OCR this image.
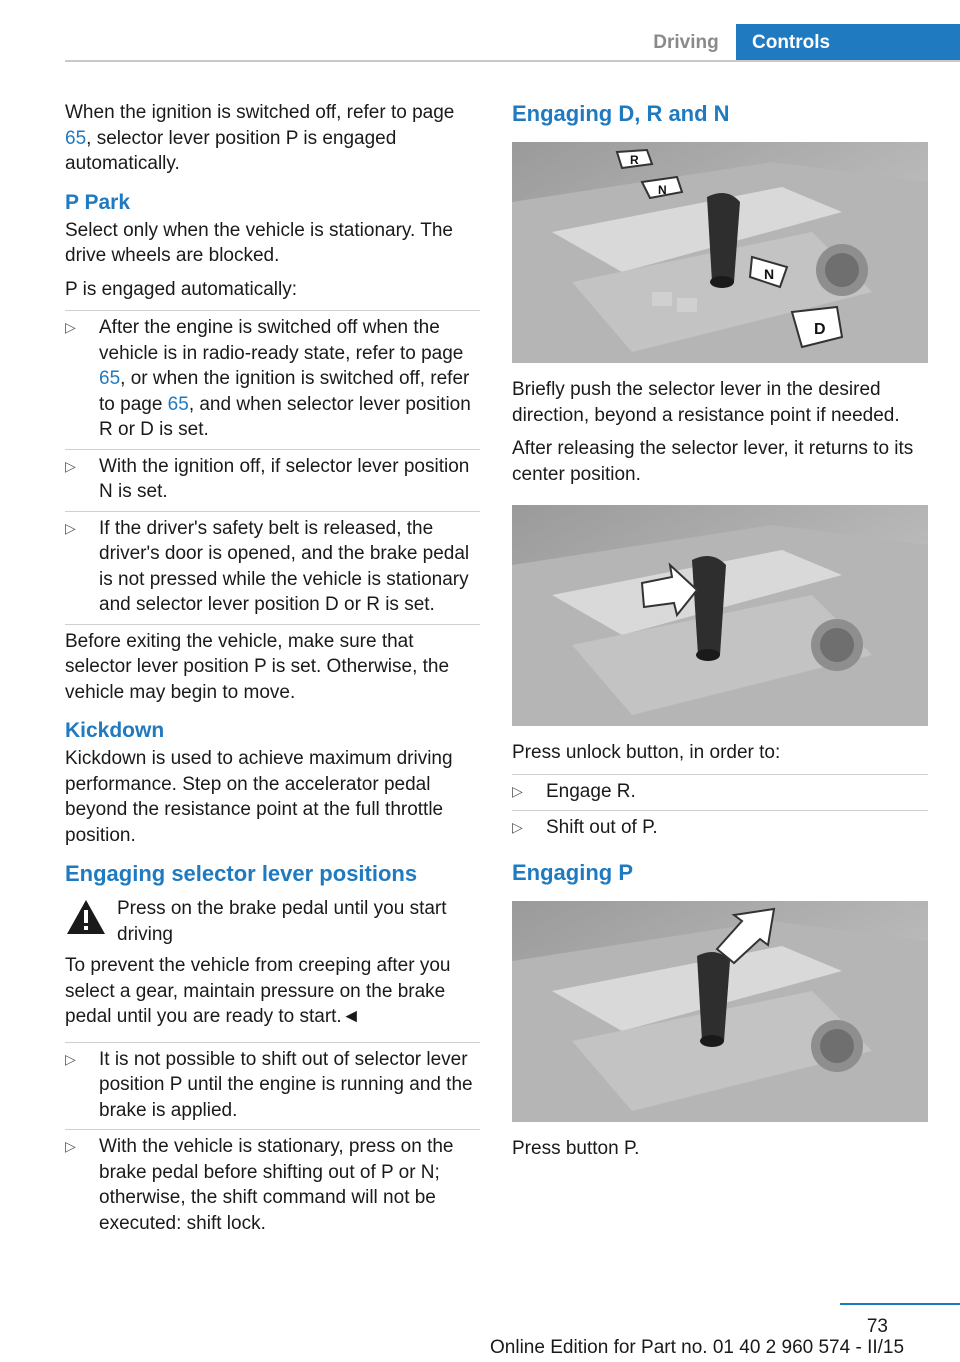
Driving	Controls

When the ignition is switched off, refer to page 65, selector lever position P is engaged automatically.

P Park

Select only when the vehicle is stationary. The drive wheels are blocked.

P is engaged automatically:

▷ After the engine is switched off when the vehicle is in radio-ready state, refer to page 65, or when the ignition is switched off, refer to page 65, and when selector lever position R or D is set.
▷ With the ignition off, if selector lever position N is set.
▷ If the driver's safety belt is released, the driver's door is opened, and the brake pedal is not pressed while the vehicle is stationary and selector lever position D or R is set.

Before exiting the vehicle, make sure that selector lever position P is set. Otherwise, the vehicle may begin to move.

Kickdown

Kickdown is used to achieve maximum driving performance. Step on the accelerator pedal beyond the resistance point at the full throttle position.

Engaging selector lever positions
Press on the brake pedal until you start driving

To prevent the vehicle from creeping after you select a gear, maintain pressure on the brake pedal until you are ready to start.◄

▷ It is not possible to shift out of selector lever position P until the engine is running and the brake is applied.
▷ With the vehicle is stationary, press on the brake pedal before shifting out of P or N; otherwise, the shift command will not be executed: shift lock.
Engaging D, R and N
R
N
N
D

Briefly push the selector lever in the desired direction, beyond a resistance point if needed.

After releasing the selector lever, it returns to its center position.

Press unlock button, in order to:

▷ Engage R.
▷ Shift out of P.
Engaging P

Press button P.

73
Online Edition for Part no. 01 40 2 960 574 - II/15
